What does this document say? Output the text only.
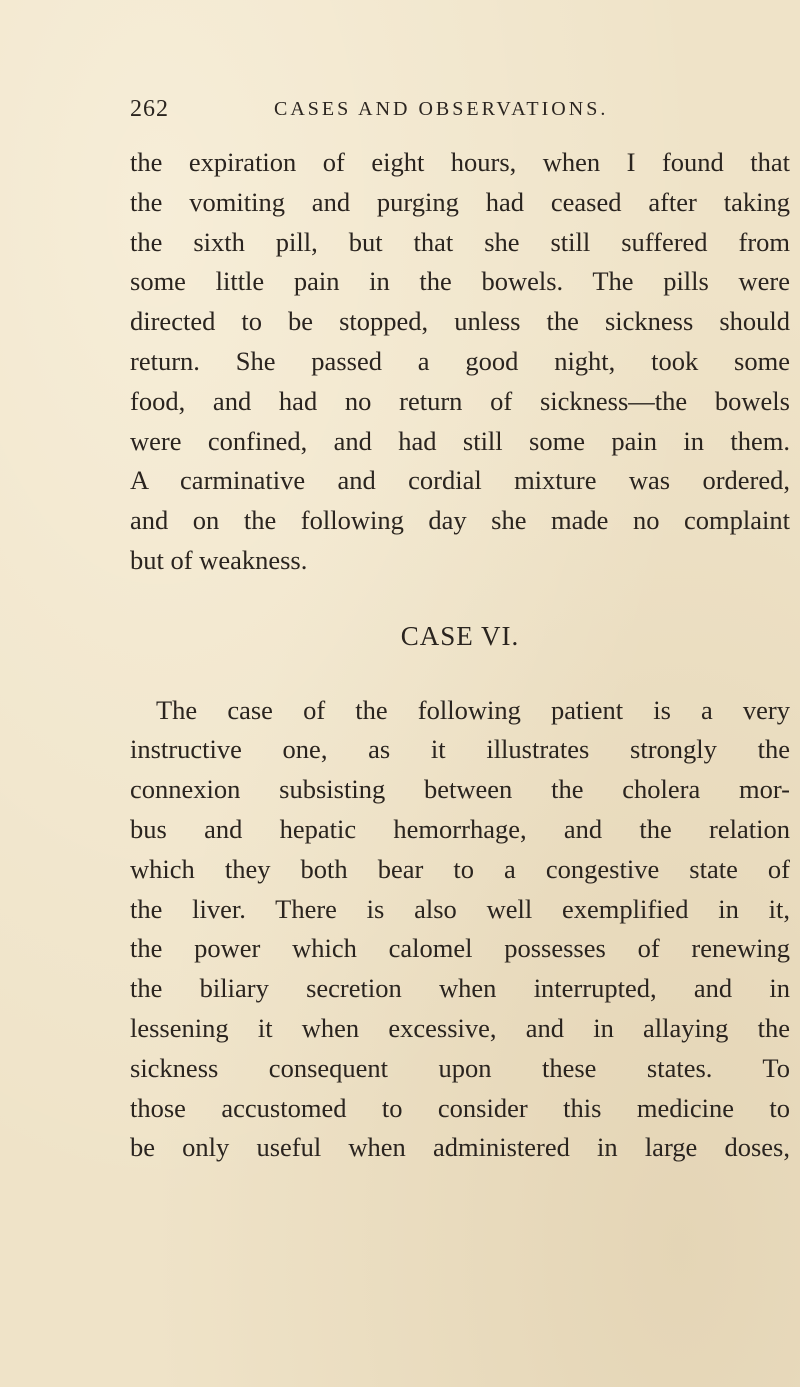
262	CASES AND OBSERVATIONS.
the expiration of eight hours, when I found that
the vomiting and purging had ceased after taking
the sixth pill, but that she still suffered from
some little pain in the bowels. The pills were
directed to be stopped, unless the sickness should
return. She passed a good night, took some
food, and had no return of sickness—the bowels
were confined, and had still some pain in them.
A carminative and cordial mixture was ordered,
and on the following day she made no complaint
but of weakness.
CASE VI.
The case of the following patient is a very
instructive one, as it illustrates strongly the
connexion subsisting between the cholera mor-
bus and hepatic hemorrhage, and the relation
which they both bear to a congestive state of
the liver. There is also well exemplified in it,
the power which calomel possesses of renewing
the biliary secretion when interrupted, and in
lessening it when excessive, and in allaying the
sickness consequent upon these states. To
those accustomed to consider this medicine to
be only useful when administered in large doses,
